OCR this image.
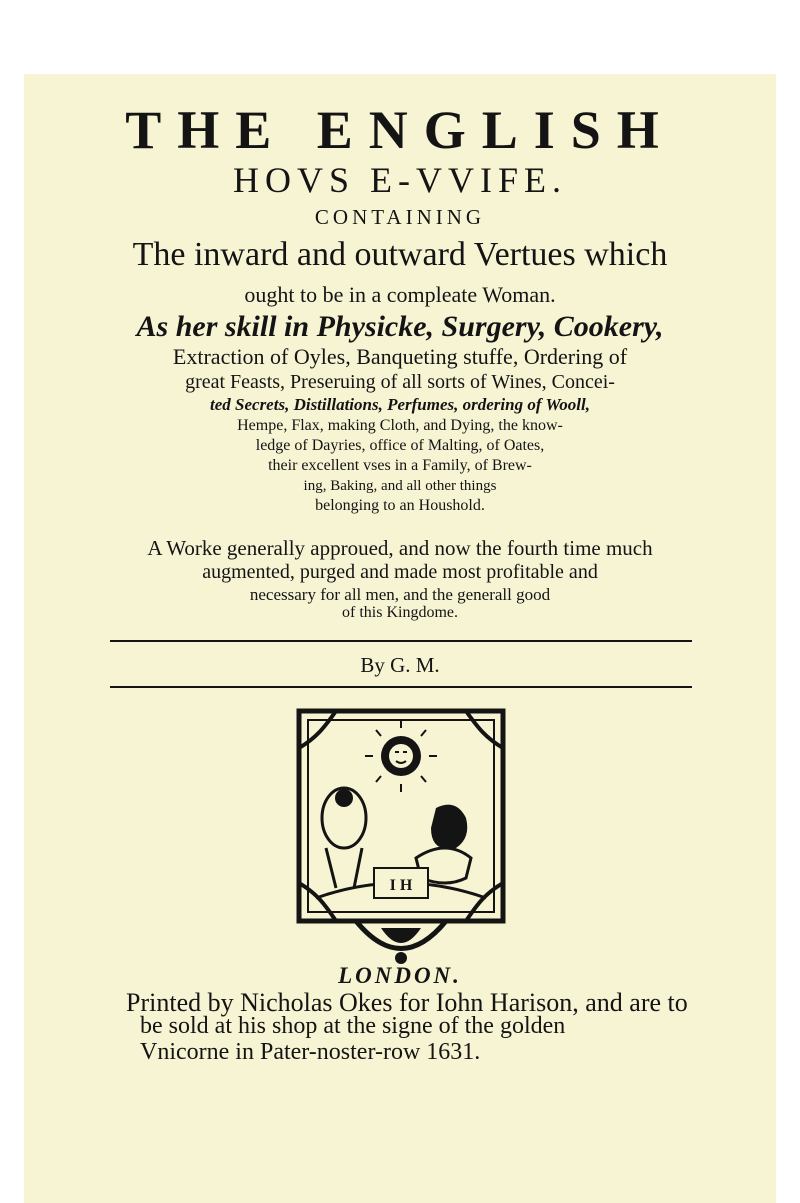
THE ENGLISH
HOVS E-VVIFE.
CONTAINING
The inward and outward Vertues which
ought to be in a compleate Woman.
As her skill in Physicke, Surgery, Cookery,
Extraction of Oyles, Banqueting stuffe, Ordering of
great Feasts, Preseruing of all sorts of Wines, Concei-
ted Secrets, Distillations, Perfumes, ordering of Wooll,
Hempe, Flax, making Cloth, and Dying, the know-
ledge of Dayries, office of Malting, of Oates,
their excellent vses in a Family, of Brew-
ing, Baking, and all other things
belonging to an Houshold.
A Worke generally approued, and now the fourth time much
augmented, purged and made most profitable and
necessary for all men, and the generall good
of this Kingdome.
By G. M.
I H
LONDON.
Printed by Nicholas Okes for Iohn Harison, and are to
be sold at his shop at the signe of the golden
Vnicorne in Pater-noster-row 1631.
